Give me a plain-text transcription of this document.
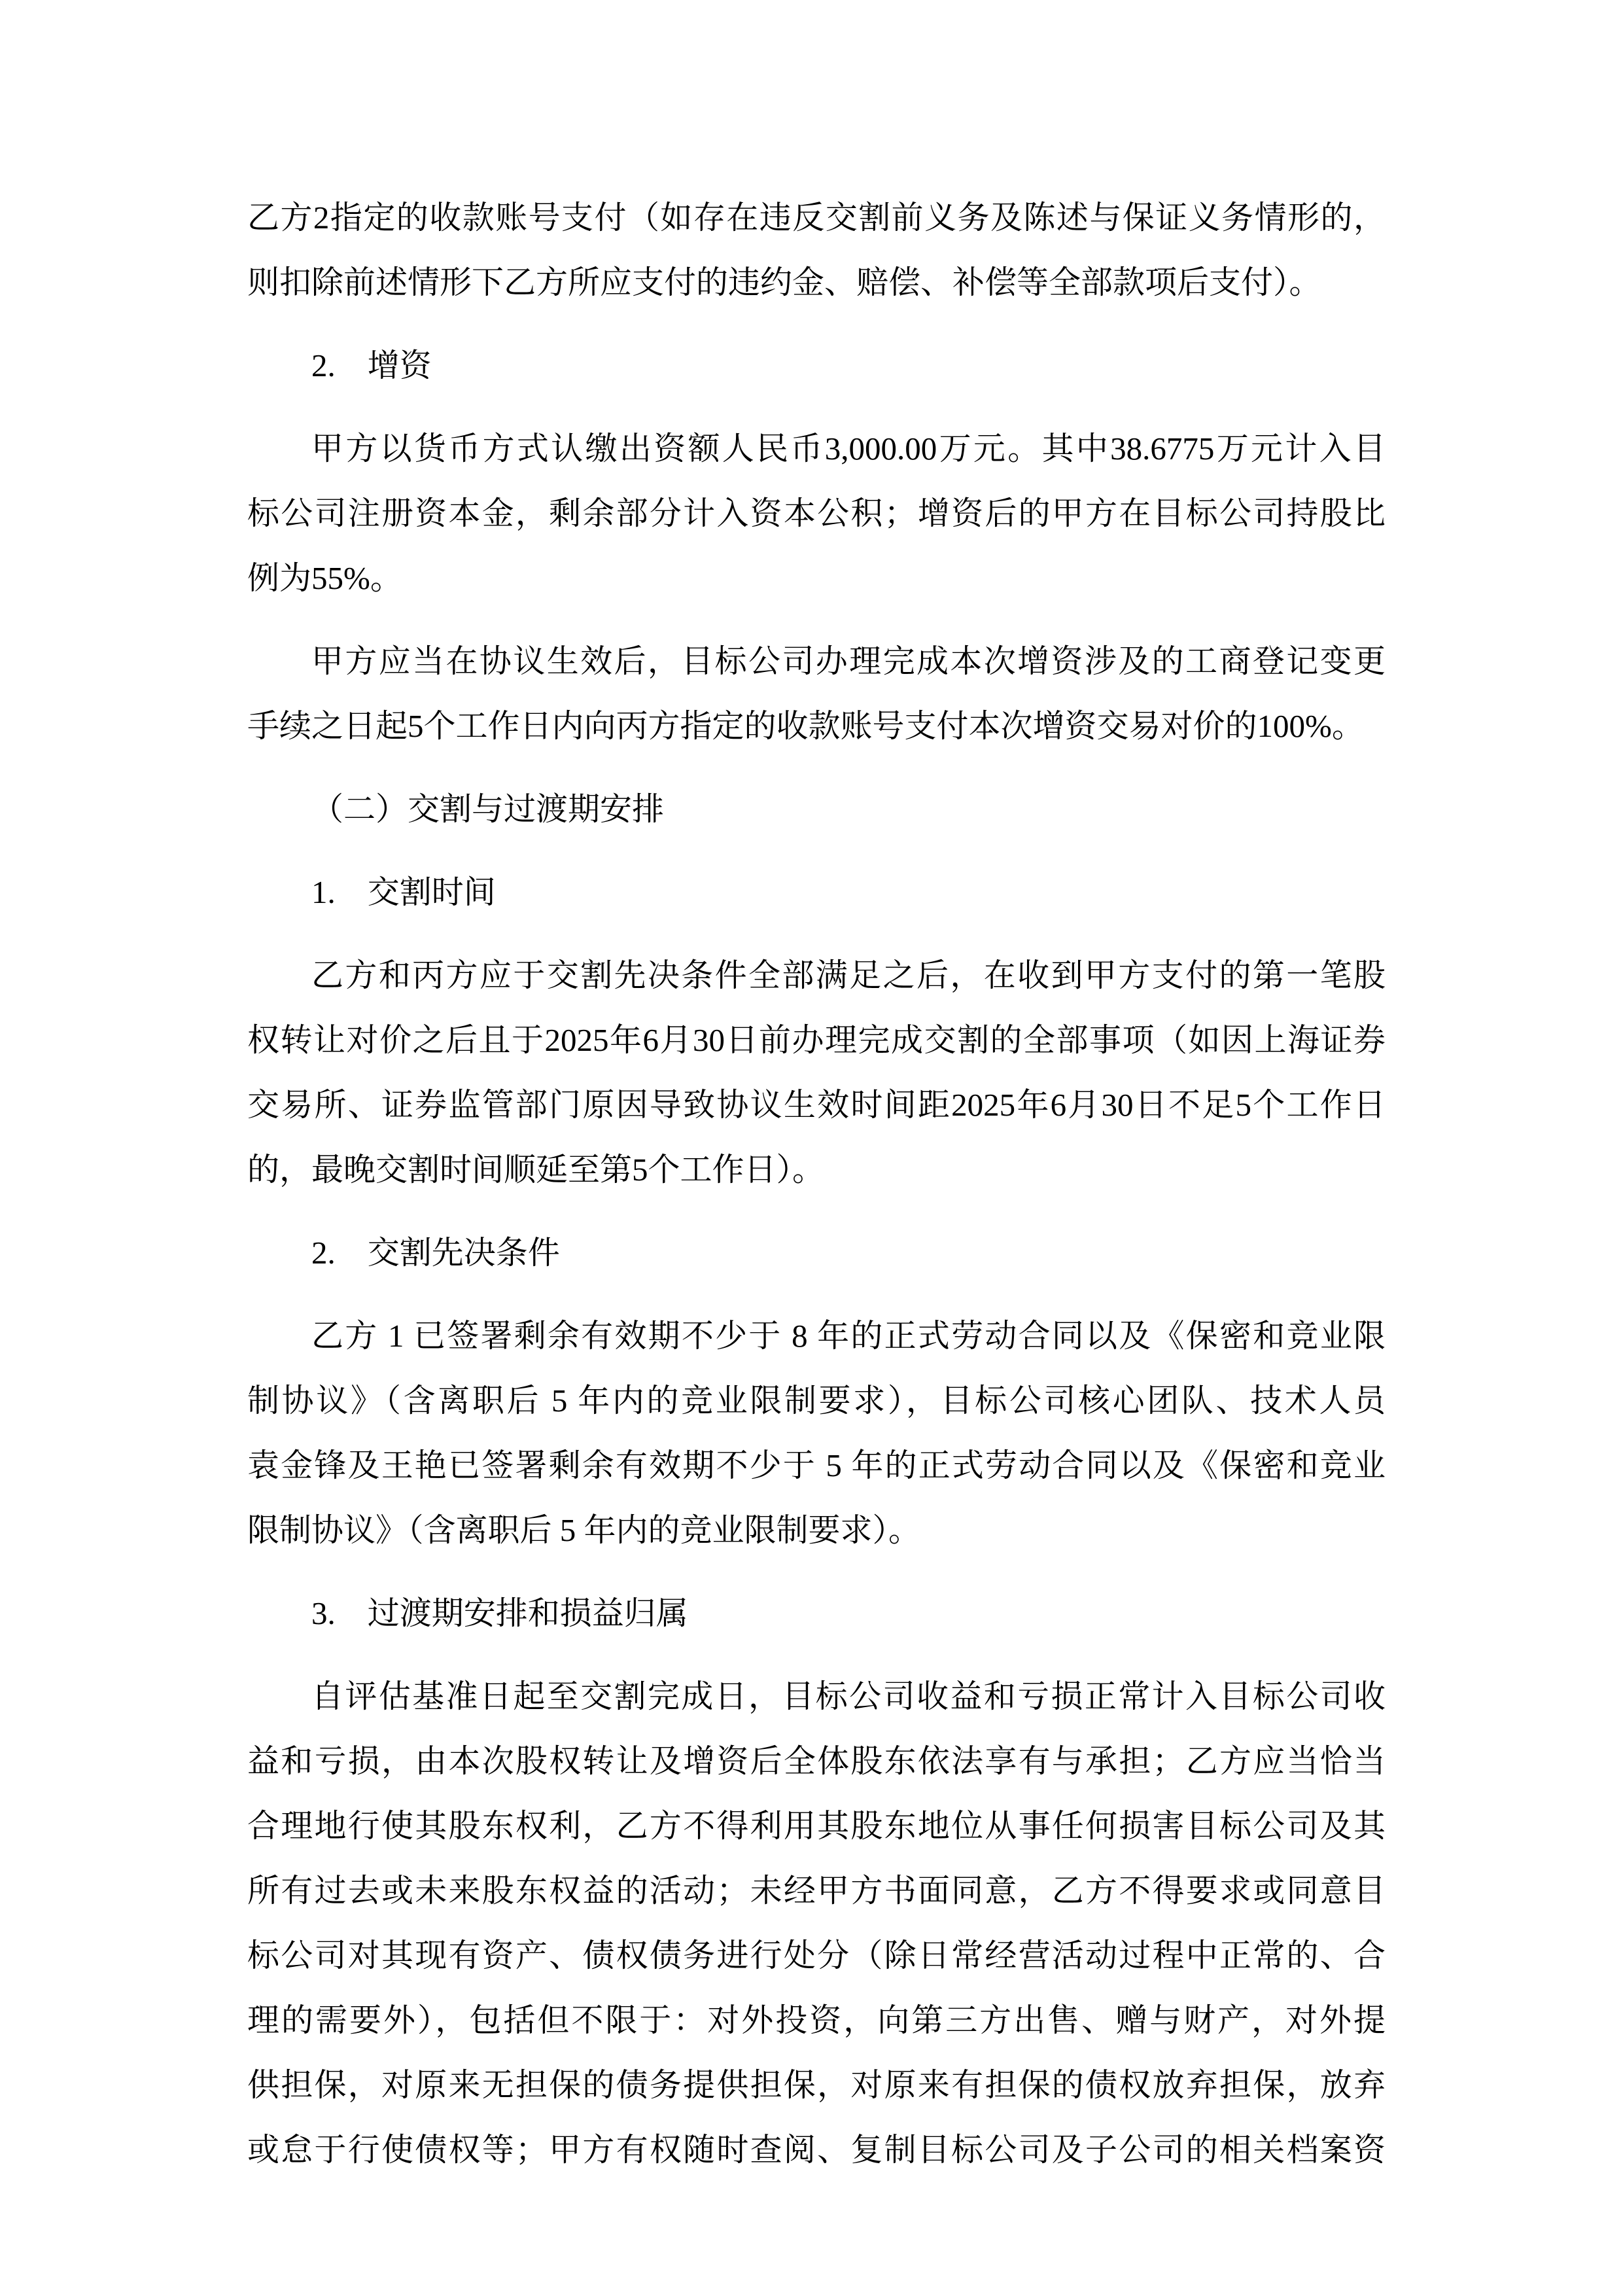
乙方2指定的收款账号支付（如存在违反交割前义务及陈述与保证义务情形的，
则扣除前述情形下乙方所应支付的违约金、赔偿、补偿等全部款项后支付）。
2.　增资
甲方以货币方式认缴出资额人民币3,000.00万元。其中38.6775万元计入目
标公司注册资本金，剩余部分计入资本公积；增资后的甲方在目标公司持股比
例为55%。
甲方应当在协议生效后，目标公司办理完成本次增资涉及的工商登记变更
手续之日起5个工作日内向丙方指定的收款账号支付本次增资交易对价的100%。
（二）交割与过渡期安排
1.　交割时间
乙方和丙方应于交割先决条件全部满足之后，在收到甲方支付的第一笔股
权转让对价之后且于2025年6月30日前办理完成交割的全部事项（如因上海证券
交易所、证券监管部门原因导致协议生效时间距2025年6月30日不足5个工作日
的，最晚交割时间顺延至第5个工作日）。
2.　交割先决条件
乙方 1 已签署剩余有效期不少于 8 年的正式劳动合同以及《保密和竞业限
制协议》（含离职后 5 年内的竞业限制要求），目标公司核心团队、技术人员
袁金锋及王艳已签署剩余有效期不少于 5 年的正式劳动合同以及《保密和竞业
限制协议》（含离职后 5 年内的竞业限制要求）。
3.　过渡期安排和损益归属
自评估基准日起至交割完成日，目标公司收益和亏损正常计入目标公司收
益和亏损，由本次股权转让及增资后全体股东依法享有与承担；乙方应当恰当
合理地行使其股东权利，乙方不得利用其股东地位从事任何损害目标公司及其
所有过去或未来股东权益的活动；未经甲方书面同意，乙方不得要求或同意目
标公司对其现有资产、债权债务进行处分（除日常经营活动过程中正常的、合
理的需要外），包括但不限于：对外投资，向第三方出售、赠与财产，对外提
供担保，对原来无担保的债务提供担保，对原来有担保的债权放弃担保，放弃
或怠于行使债权等；甲方有权随时查阅、复制目标公司及子公司的相关档案资
